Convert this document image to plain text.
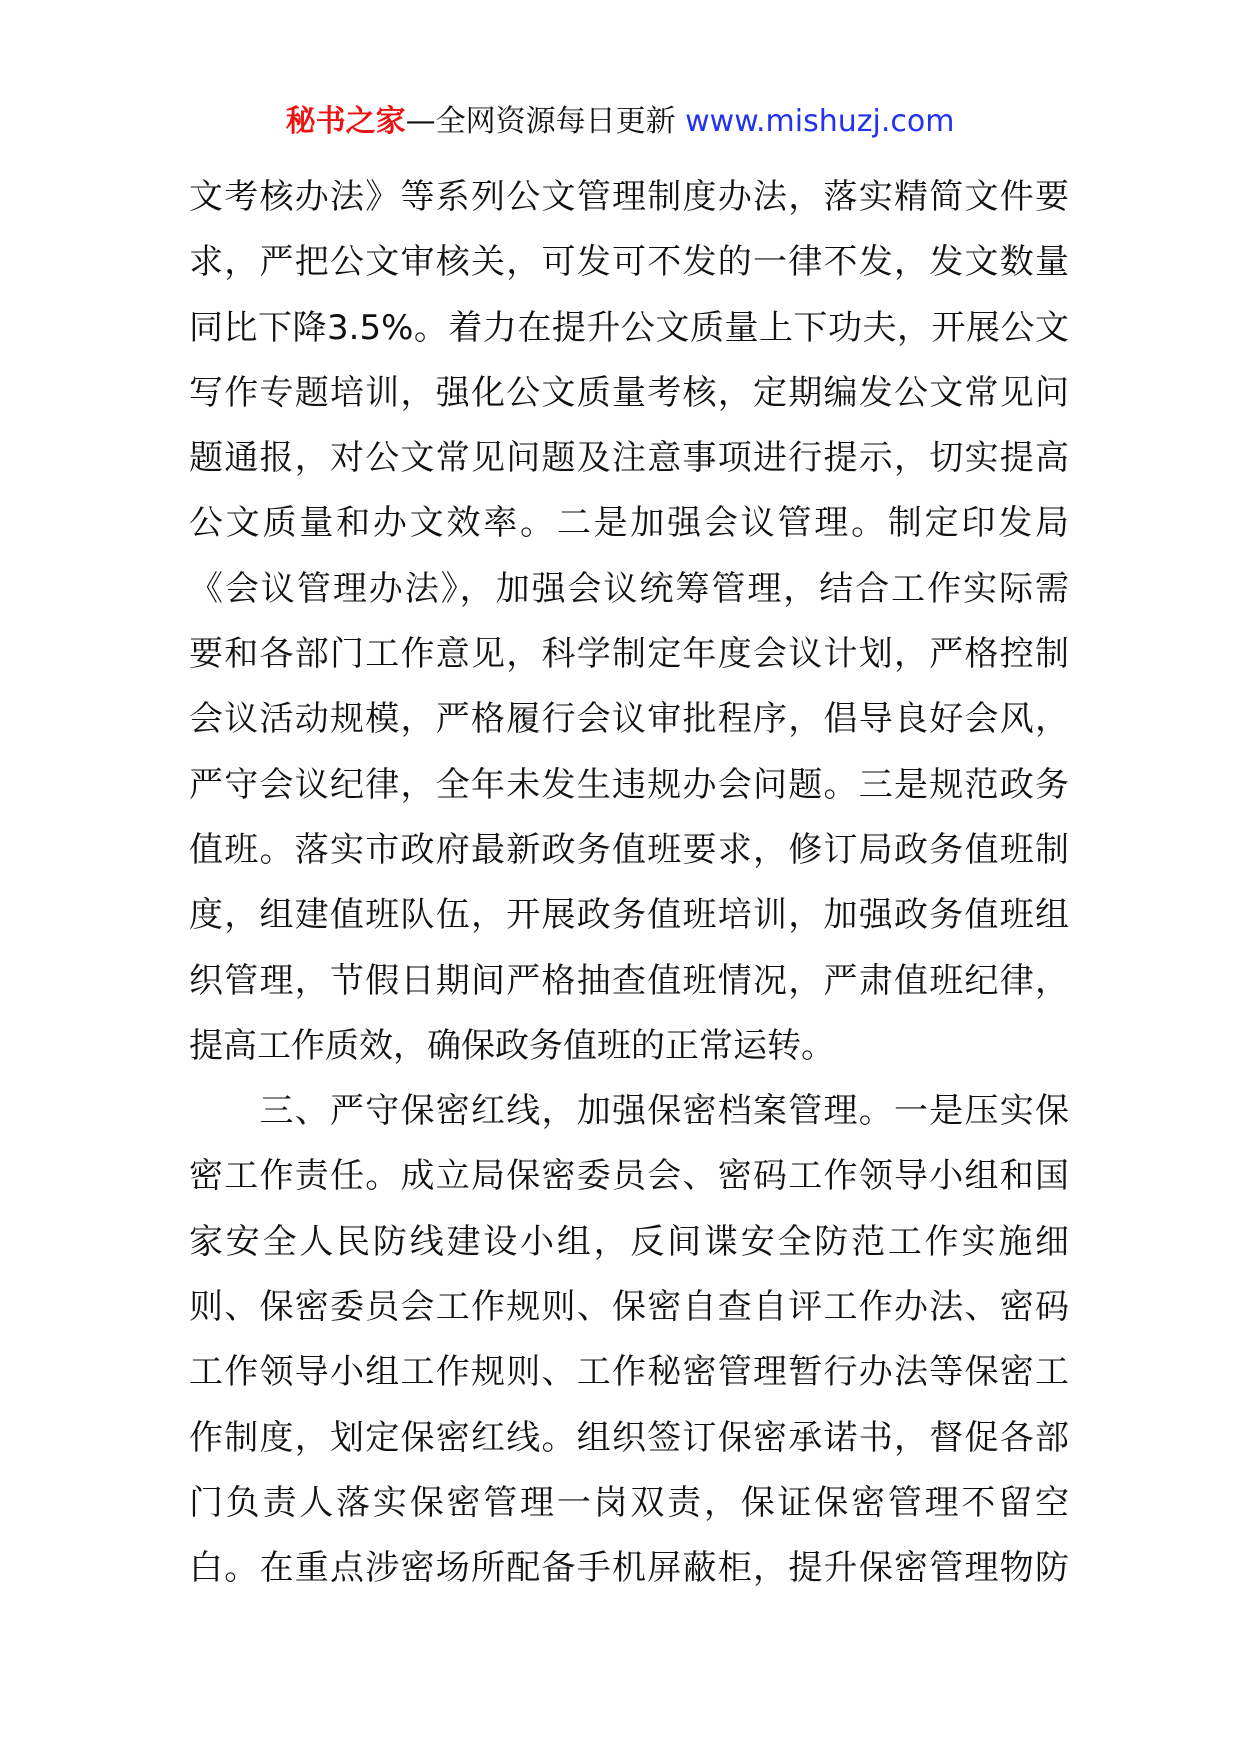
秘书之家—全网资源每日更新 www.mishuzj.com
文考核办法》等系列公文管理制度办法，落实精简文件要
求，严把公文审核关，可发可不发的一律不发，发文数量
同比下降3.5%。着力在提升公文质量上下功夫，开展公文
写作专题培训，强化公文质量考核，定期编发公文常见问
题通报，对公文常见问题及注意事项进行提示，切实提高
公文质量和办文效率。二是加强会议管理。制定印发局
《会议管理办法》，加强会议统筹管理，结合工作实际需
要和各部门工作意见，科学制定年度会议计划，严格控制
会议活动规模，严格履行会议审批程序，倡导良好会风，
严守会议纪律，全年未发生违规办会问题。三是规范政务
值班。落实市政府最新政务值班要求，修订局政务值班制
度，组建值班队伍，开展政务值班培训，加强政务值班组
织管理，节假日期间严格抽查值班情况，严肃值班纪律，
提高工作质效，确保政务值班的正常运转。
　　三、严守保密红线，加强保密档案管理。一是压实保
密工作责任。成立局保密委员会、密码工作领导小组和国
家安全人民防线建设小组，反间谍安全防范工作实施细
则、保密委员会工作规则、保密自查自评工作办法、密码
工作领导小组工作规则、工作秘密管理暂行办法等保密工
作制度，划定保密红线。组织签订保密承诺书，督促各部
门负责人落实保密管理一岗双责，保证保密管理不留空
白。在重点涉密场所配备手机屏蔽柜，提升保密管理物防
